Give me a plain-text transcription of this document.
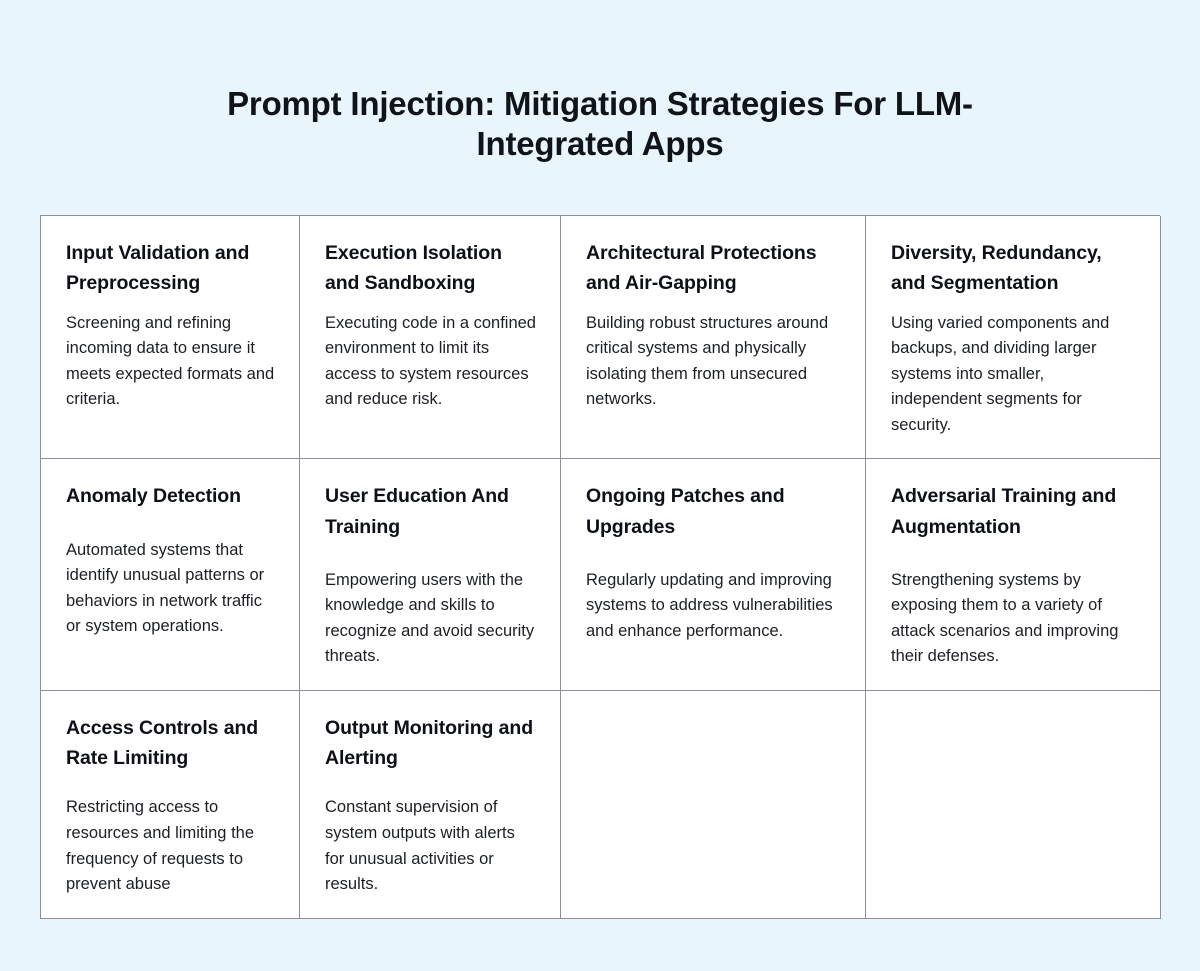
Prompt Injection: Mitigation Strategies For LLM-Integrated Apps
Input Validation and Preprocessing
Screening and refining incoming data to ensure it meets expected formats and criteria.
Execution Isolation and Sandboxing
Executing code in a confined environment to limit its access to system resources and reduce risk.
Architectural Protections and Air-Gapping
Building robust structures around critical systems and physically isolating them from unsecured networks.
Diversity, Redundancy, and Segmentation
Using varied components and backups, and dividing larger systems into smaller, independent segments for security.
Anomaly Detection
Automated systems that identify unusual patterns or behaviors in network traffic or system operations.
User Education And Training
Empowering users with the knowledge and skills to recognize and avoid security threats.
Ongoing Patches and Upgrades
Regularly updating and improving systems to address vulnerabilities and enhance performance.
Adversarial Training and Augmentation
Strengthening systems by exposing them to a variety of attack scenarios and improving their defenses.
Access Controls and Rate Limiting
Restricting access to resources and limiting the frequency of requests to prevent abuse
Output Monitoring and Alerting
Constant supervision of system outputs with alerts for unusual activities or results.
